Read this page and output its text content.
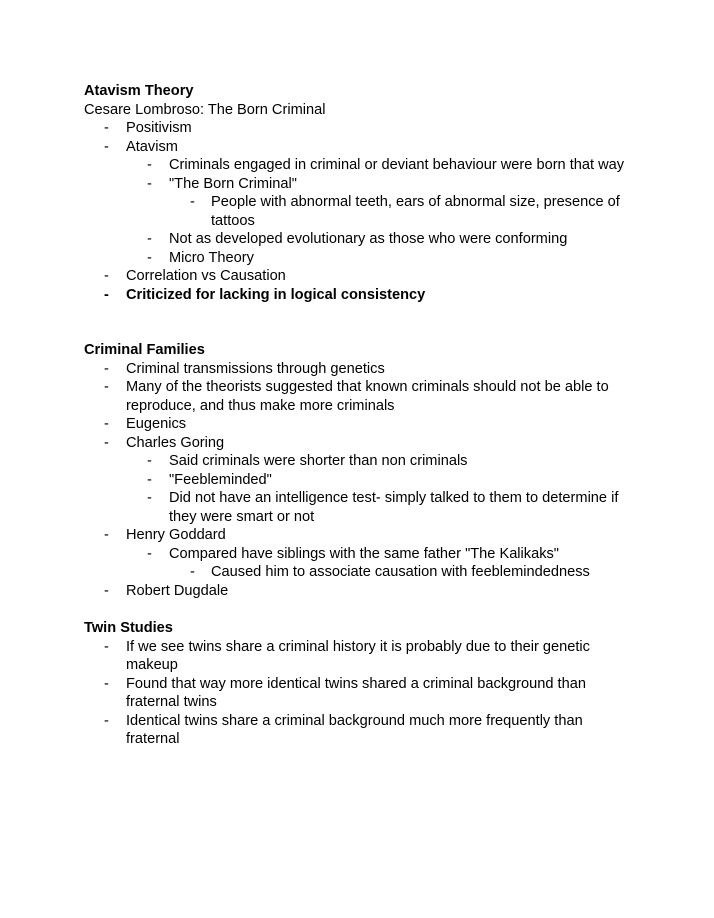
Atavism Theory
Cesare Lombroso: The Born Criminal
- Positivism
- Atavism
- Criminals engaged in criminal or deviant behaviour were born that way
- "The Born Criminal"
- People with abnormal teeth, ears of abnormal size, presence of tattoos
- Not as developed evolutionary as those who were conforming
- Micro Theory
- Correlation vs Causation
- Criticized for lacking in logical consistency
Criminal Families
- Criminal transmissions through genetics
- Many of the theorists suggested that known criminals should not be able to reproduce, and thus make more criminals
- Eugenics
- Charles Goring
- Said criminals were shorter than non criminals
- "Feebleminded"
- Did not have an intelligence test- simply talked to them to determine if they were smart or not
- Henry Goddard
- Compared have siblings with the same father "The Kalikaks"
- Caused him to associate causation with feeblemindedness
- Robert Dugdale
Twin Studies
- If we see twins share a criminal history it is probably due to their genetic makeup
- Found that way more identical twins shared a criminal background than fraternal twins
- Identical twins share a criminal background much more frequently than fraternal
